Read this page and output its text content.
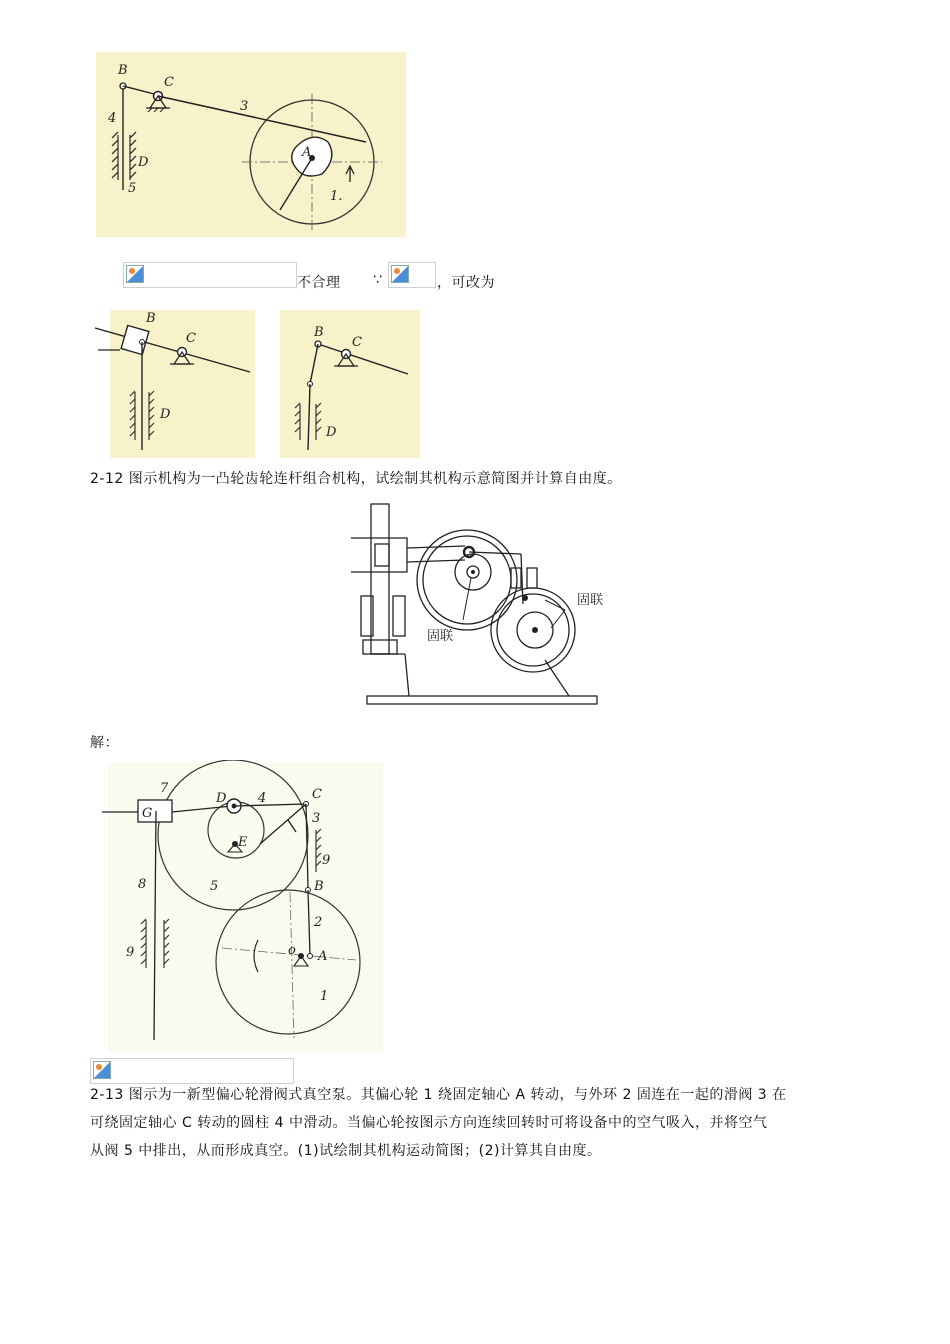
B
C
3
4
D
A
5
1.
不合理 ∵	，可改为
B
C
D
B
C
D
2-12 图示机构为一凸轮齿轮连杆组合机构，试绘制其机构示意简图并计算自由度。
固联
固联
解：
7
G
D 4	C
3
E
9
8	5	B
2
9	o A
1
2-13 图示为一新型偏心轮滑阀式真空泵。其偏心轮 1 绕固定轴心 A 转动，与外环 2 固连在一起的滑阀 3 在
可绕固定轴心 C 转动的圆柱 4 中滑动。当偏心轮按图示方向连续回转时可将设备中的空气吸入，并将空气
从阀 5 中排出，从而形成真空。(1)试绘制其机构运动简图；(2)计算其自由度。
